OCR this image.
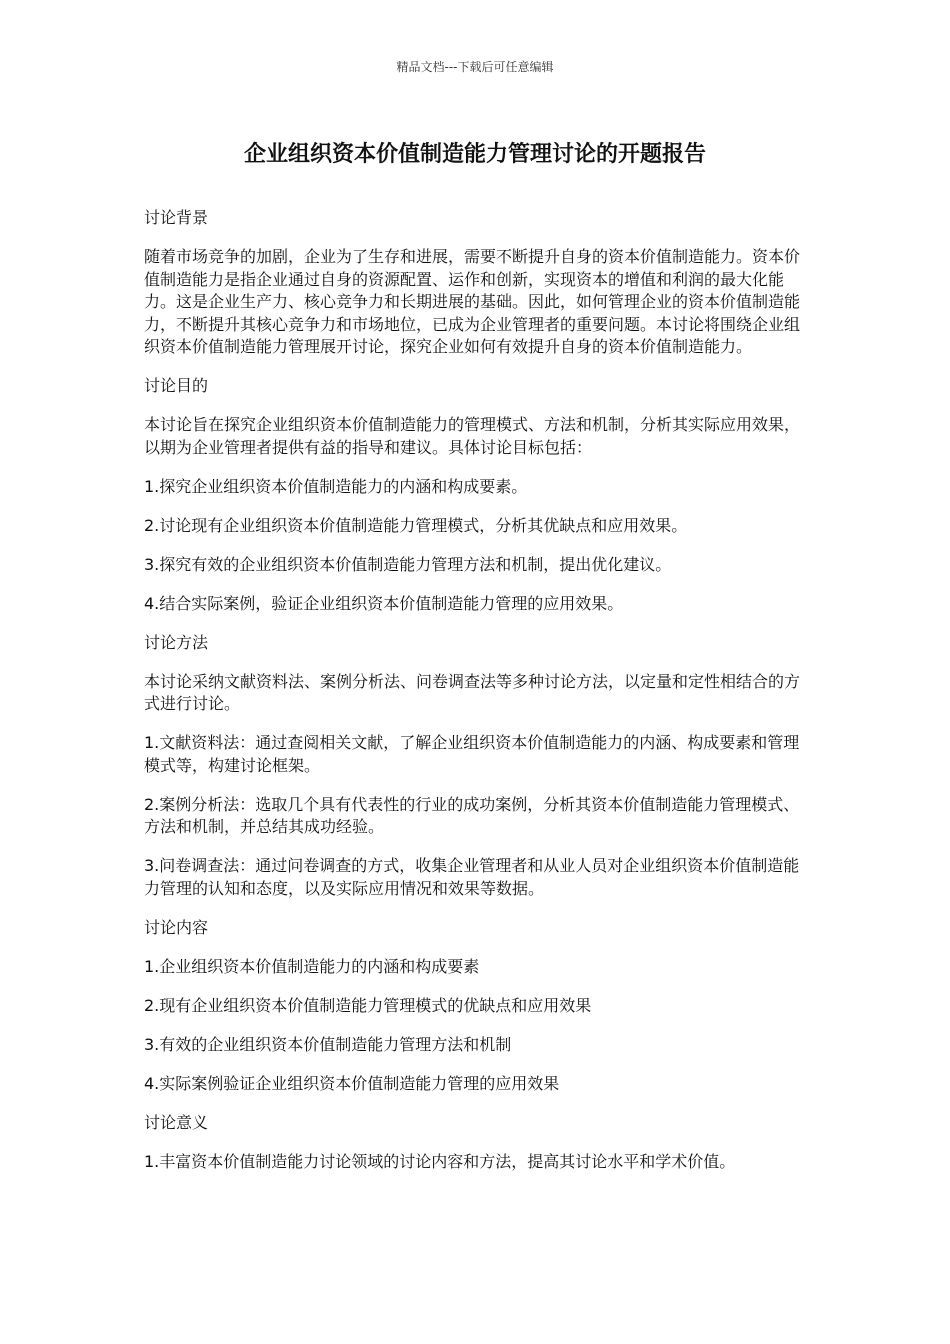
精品文档---下载后可任意编辑
企业组织资本价值制造能力管理讨论的开题报告

讨论背景

随着市场竞争的加剧，企业为了生存和进展，需要不断提升自身的资本价值制造能力。资本价值制造能力是指企业通过自身的资源配置、运作和创新，实现资本的增值和利润的最大化能力。这是企业生产力、核心竞争力和长期进展的基础。因此，如何管理企业的资本价值制造能力，不断提升其核心竞争力和市场地位，已成为企业管理者的重要问题。本讨论将围绕企业组织资本价值制造能力管理展开讨论，探究企业如何有效提升自身的资本价值制造能力。

讨论目的

本讨论旨在探究企业组织资本价值制造能力的管理模式、方法和机制，分析其实际应用效果，以期为企业管理者提供有益的指导和建议。具体讨论目标包括：

1.探究企业组织资本价值制造能力的内涵和构成要素。

2.讨论现有企业组织资本价值制造能力管理模式，分析其优缺点和应用效果。

3.探究有效的企业组织资本价值制造能力管理方法和机制，提出优化建议。

4.结合实际案例，验证企业组织资本价值制造能力管理的应用效果。

讨论方法

本讨论采纳文献资料法、案例分析法、问卷调查法等多种讨论方法，以定量和定性相结合的方式进行讨论。

1.文献资料法：通过查阅相关文献，了解企业组织资本价值制造能力的内涵、构成要素和管理模式等，构建讨论框架。

2.案例分析法：选取几个具有代表性的行业的成功案例，分析其资本价值制造能力管理模式、方法和机制，并总结其成功经验。

3.问卷调查法：通过问卷调查的方式，收集企业管理者和从业人员对企业组织资本价值制造能力管理的认知和态度，以及实际应用情况和效果等数据。

讨论内容

1.企业组织资本价值制造能力的内涵和构成要素

2.现有企业组织资本价值制造能力管理模式的优缺点和应用效果

3.有效的企业组织资本价值制造能力管理方法和机制

4.实际案例验证企业组织资本价值制造能力管理的应用效果

讨论意义

1.丰富资本价值制造能力讨论领域的讨论内容和方法，提高其讨论水平和学术价值。
